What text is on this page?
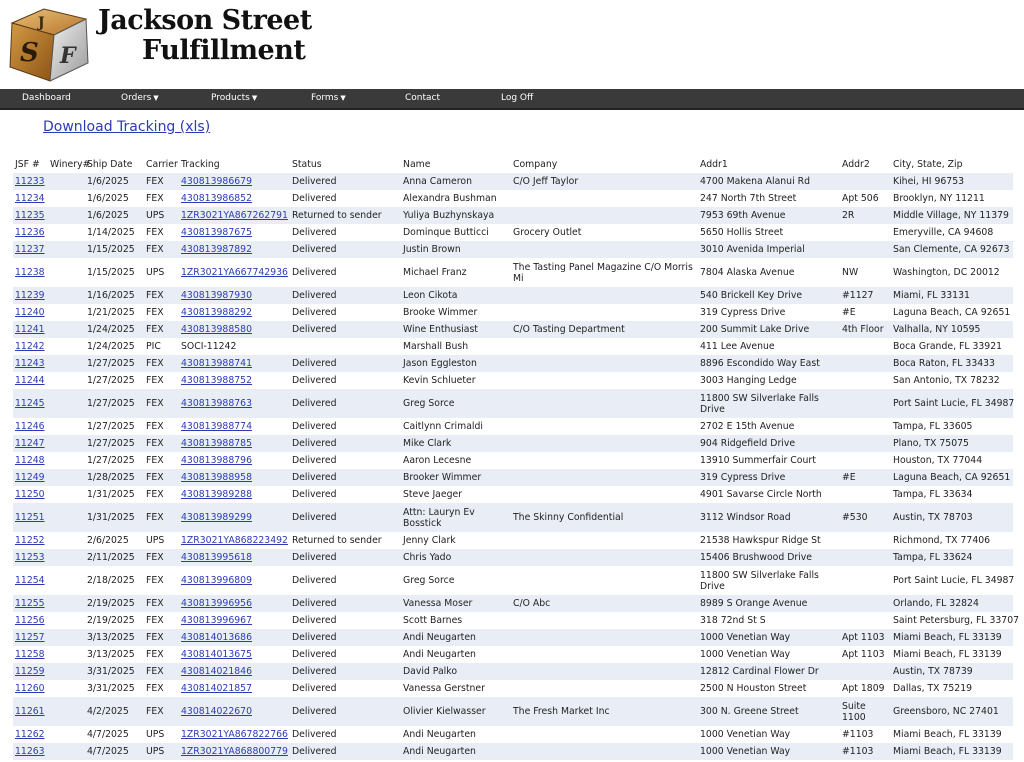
J
S F
Jackson Street
Fulfillment
Dashboard	Orders ▼	Products ▼	Forms ▼	Contact	Log Off
Download Tracking (xls)
JSF #	Winery#	Ship Date	Carrier	Tracking	Status	Name	Company	Addr1	Addr2	City, State, Zip
11233		1/6/2025	FEX	430813986679	Delivered	Anna Cameron	C/O Jeff Taylor	4700 Makena Alanui Rd		Kihei, HI 96753
11234		1/6/2025	FEX	430813986852	Delivered	Alexandra Bushman		247 North 7th Street	Apt 506	Brooklyn, NY 11211
11235		1/6/2025	UPS	1ZR3021YA867262791	Returned to sender	Yuliya Buzhynskaya		7953 69th Avenue	2R	Middle Village, NY 11379
11236		1/14/2025	FEX	430813987675	Delivered	Dominque Butticci	Grocery Outlet	5650 Hollis Street		Emeryville, CA 94608
11237		1/15/2025	FEX	430813987892	Delivered	Justin Brown		3010 Avenida Imperial		San Clemente, CA 92673
11238		1/15/2025	UPS	1ZR3021YA667742936	Delivered	Michael Franz	The Tasting Panel Magazine C/O Morris Mi	7804 Alaska Avenue	NW	Washington, DC 20012
11239		1/16/2025	FEX	430813987930	Delivered	Leon Cikota		540 Brickell Key Drive	#1127	Miami, FL 33131
11240		1/21/2025	FEX	430813988292	Delivered	Brooke Wimmer		319 Cypress Drive	#E	Laguna Beach, CA 92651
11241		1/24/2025	FEX	430813988580	Delivered	Wine Enthusiast	C/O Tasting Department	200 Summit Lake Drive	4th Floor	Valhalla, NY 10595
11242		1/24/2025	PIC	SOCI-11242		Marshall Bush		411 Lee Avenue		Boca Grande, FL 33921
11243		1/27/2025	FEX	430813988741	Delivered	Jason Eggleston		8896 Escondido Way East		Boca Raton, FL 33433
11244		1/27/2025	FEX	430813988752	Delivered	Kevin Schlueter		3003 Hanging Ledge		San Antonio, TX 78232
11245		1/27/2025	FEX	430813988763	Delivered	Greg Sorce		11800 SW Silverlake Falls Drive		Port Saint Lucie, FL 34987
11246		1/27/2025	FEX	430813988774	Delivered	Caitlynn Crimaldi		2702 E 15th Avenue		Tampa, FL 33605
11247		1/27/2025	FEX	430813988785	Delivered	Mike Clark		904 Ridgefield Drive		Plano, TX 75075
11248		1/27/2025	FEX	430813988796	Delivered	Aaron Lecesne		13910 Summerfair Court		Houston, TX 77044
11249		1/28/2025	FEX	430813988958	Delivered	Brooker Wimmer		319 Cypress Drive	#E	Laguna Beach, CA 92651
11250		1/31/2025	FEX	430813989288	Delivered	Steve Jaeger		4901 Savarse Circle North		Tampa, FL 33634
11251		1/31/2025	FEX	430813989299	Delivered	Attn: Lauryn Ev Bosstick	The Skinny Confidential	3112 Windsor Road	#530	Austin, TX 78703
11252		2/6/2025	UPS	1ZR3021YA868223492	Returned to sender	Jenny Clark		21538 Hawkspur Ridge St		Richmond, TX 77406
11253		2/11/2025	FEX	430813995618	Delivered	Chris Yado		15406 Brushwood Drive		Tampa, FL 33624
11254		2/18/2025	FEX	430813996809	Delivered	Greg Sorce		11800 SW Silverlake Falls Drive		Port Saint Lucie, FL 34987
11255		2/19/2025	FEX	430813996956	Delivered	Vanessa Moser	C/O Abc	8989 S Orange Avenue		Orlando, FL 32824
11256		2/19/2025	FEX	430813996967	Delivered	Scott Barnes		318 72nd St S		Saint Petersburg, FL 33707
11257		3/13/2025	FEX	430814013686	Delivered	Andi Neugarten		1000 Venetian Way	Apt 1103	Miami Beach, FL 33139
11258		3/13/2025	FEX	430814013675	Delivered	Andi Neugarten		1000 Venetian Way	Apt 1103	Miami Beach, FL 33139
11259		3/31/2025	FEX	430814021846	Delivered	David Palko		12812 Cardinal Flower Dr		Austin, TX 78739
11260		3/31/2025	FEX	430814021857	Delivered	Vanessa Gerstner		2500 N Houston Street	Apt 1809	Dallas, TX 75219
11261		4/2/2025	FEX	430814022670	Delivered	Olivier Kielwasser	The Fresh Market Inc	300 N. Greene Street	Suite 1100	Greensboro, NC 27401
11262		4/7/2025	UPS	1ZR3021YA867822766	Delivered	Andi Neugarten		1000 Venetian Way	#1103	Miami Beach, FL 33139
11263		4/7/2025	UPS	1ZR3021YA868800779	Delivered	Andi Neugarten		1000 Venetian Way	#1103	Miami Beach, FL 33139
